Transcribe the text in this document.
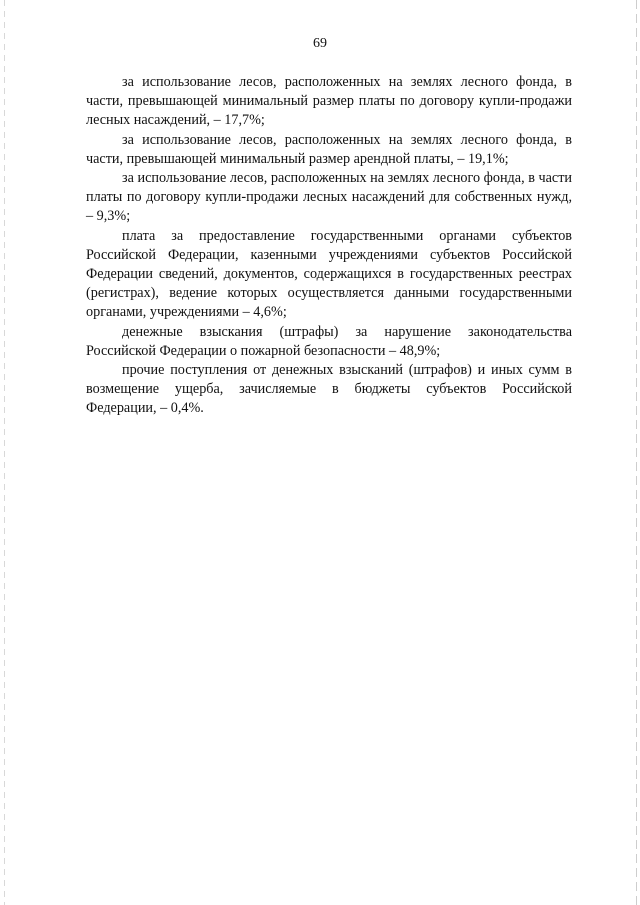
69

за использование лесов, расположенных на землях лесного фонда, в части, превышающей минимальный размер платы по договору купли-продажи лесных насаждений, – 17,7%;

за использование лесов, расположенных на землях лесного фонда, в части, превышающей минимальный размер арендной платы, – 19,1%;

за использование лесов, расположенных на землях лесного фонда, в части платы по договору купли-продажи лесных насаждений для собственных нужд, – 9,3%;

плата за предоставление государственными органами субъектов Российской Федерации, казенными учреждениями субъектов Российской Федерации сведений, документов, содержащихся в государственных реестрах (регистрах), ведение которых осуществляется данными государственными органами, учреждениями – 4,6%;

денежные взыскания (штрафы) за нарушение законодательства Российской Федерации о пожарной безопасности – 48,9%;

прочие поступления от денежных взысканий (штрафов) и иных сумм в возмещение ущерба, зачисляемые в бюджеты субъектов Российской Федерации, – 0,4%.
